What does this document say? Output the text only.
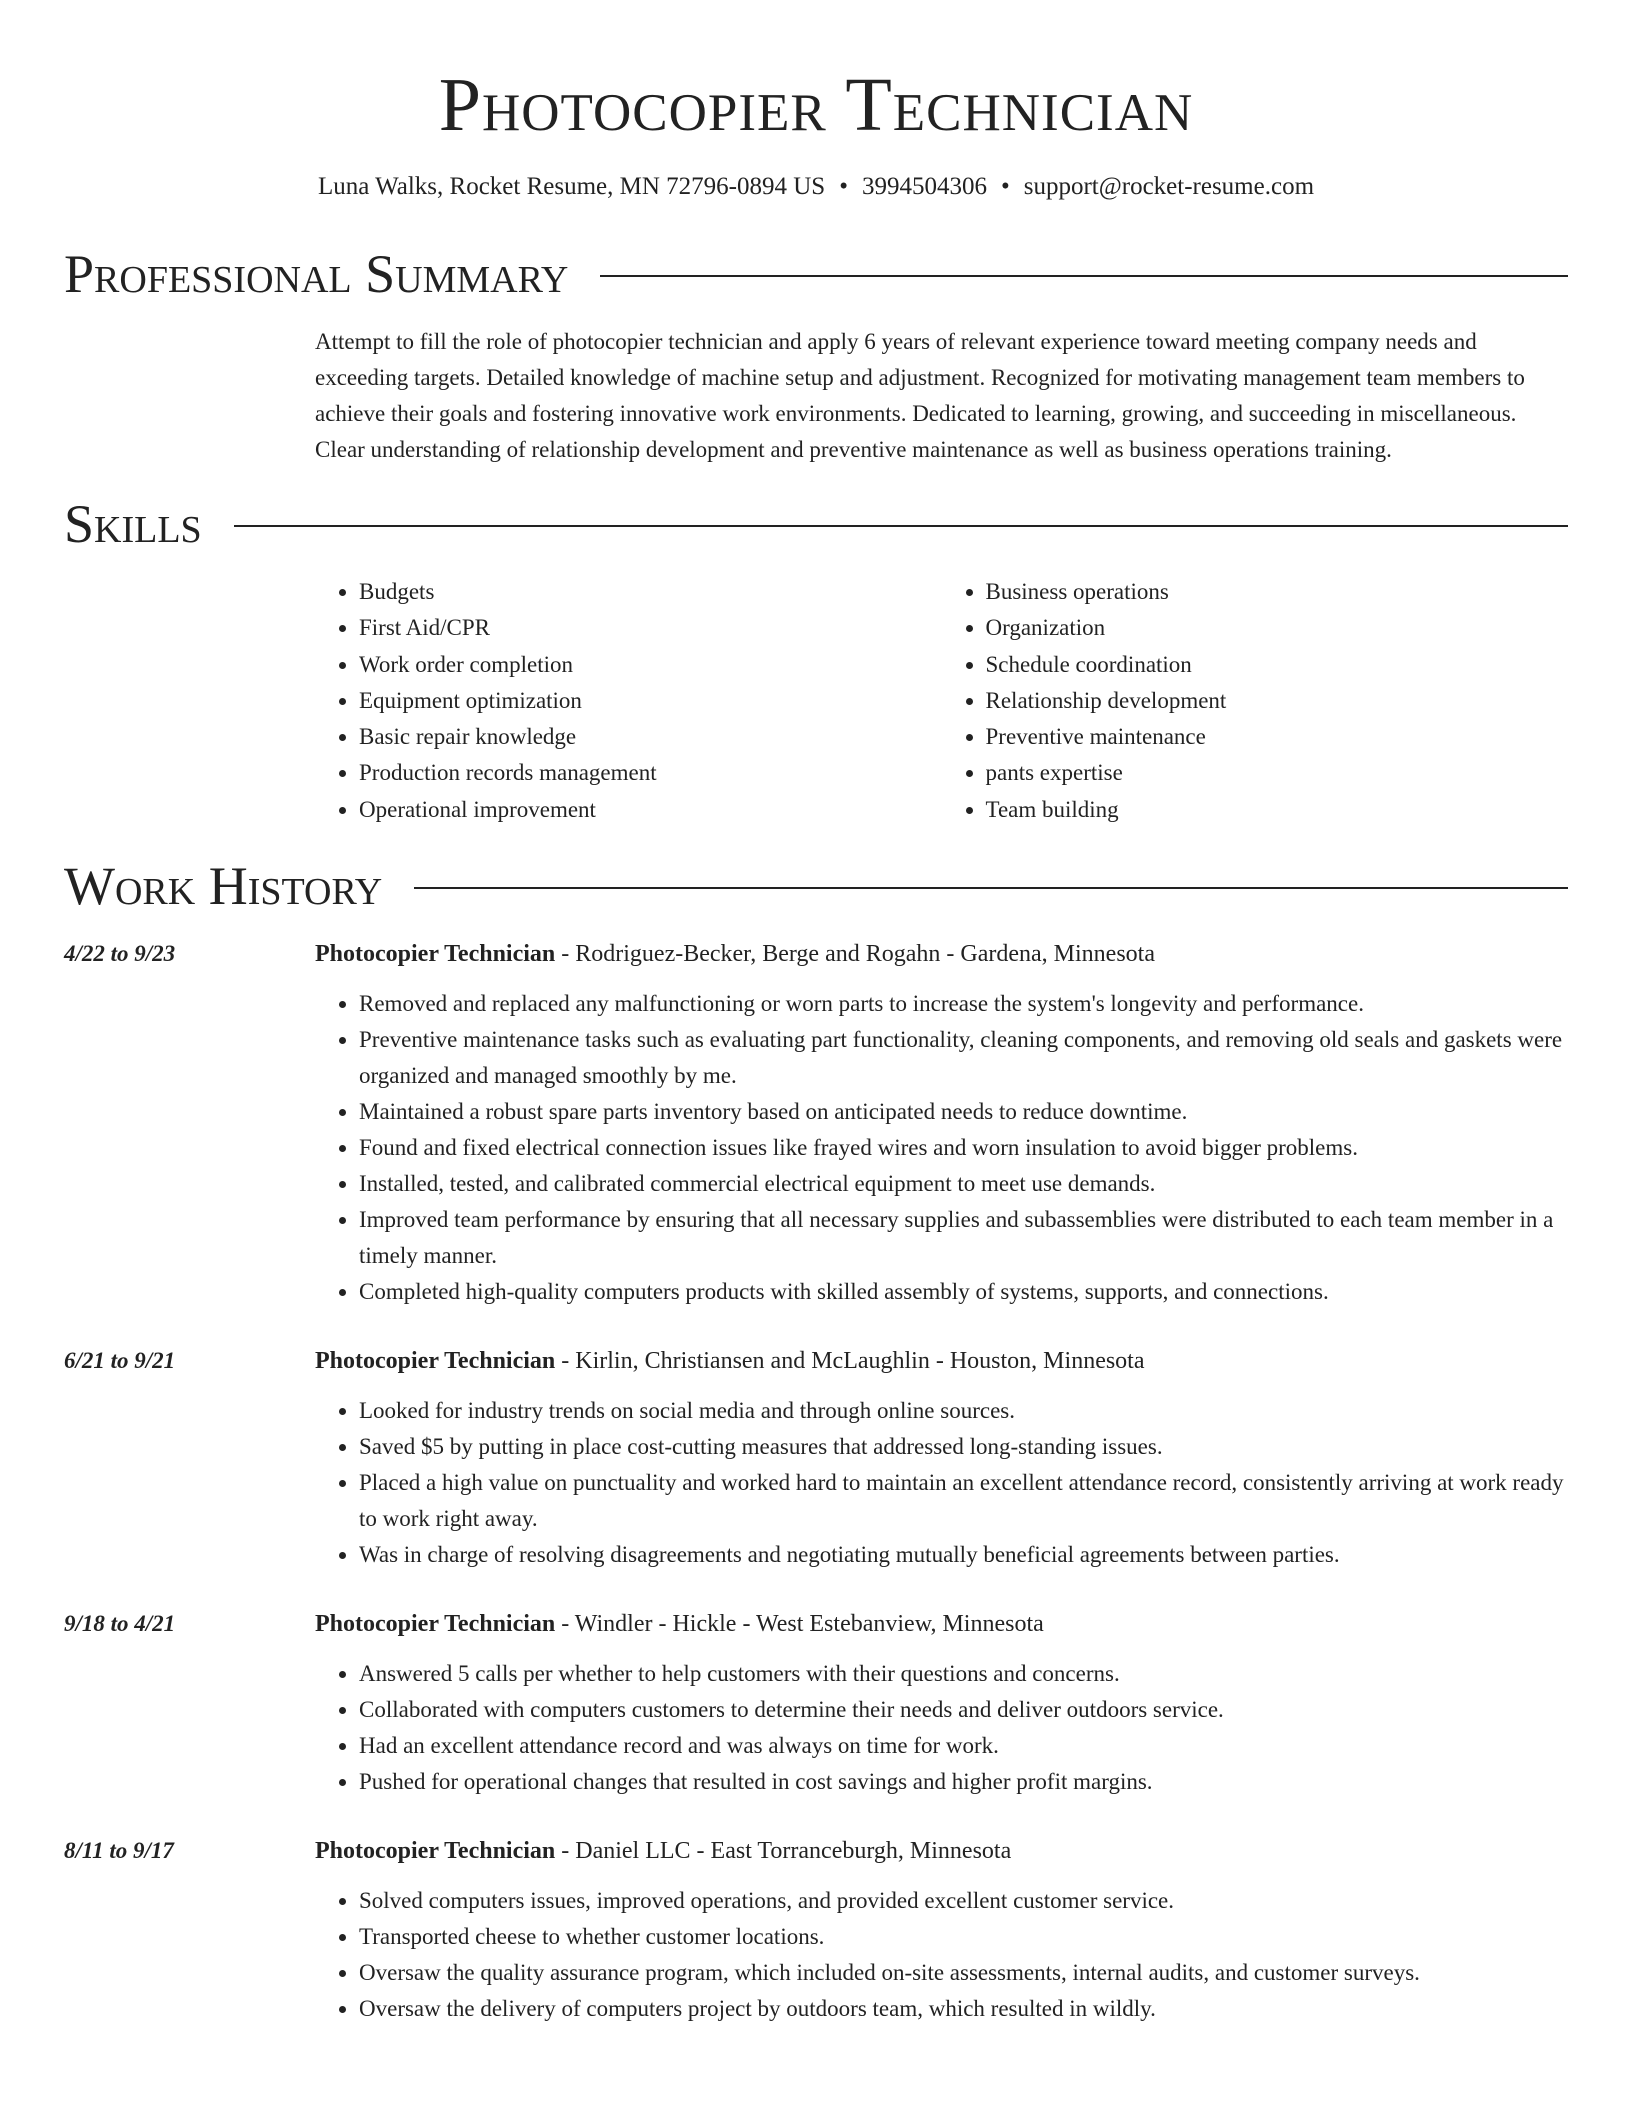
Photocopier Technician
Luna Walks, Rocket Resume, MN 72796-0894 US • 3994504306 • support@rocket-resume.com
Professional Summary

Attempt to fill the role of photocopier technician and apply 6 years of relevant experience toward meeting company needs and exceeding targets. Detailed knowledge of machine setup and adjustment. Recognized for motivating management team members to achieve their goals and fostering innovative work environments. Dedicated to learning, growing, and succeeding in miscellaneous. Clear understanding of relationship development and preventive maintenance as well as business operations training.

Skills
• Budgets
• First Aid/CPR
• Work order completion
• Equipment optimization
• Basic repair knowledge
• Production records management
• Operational improvement
• Business operations
• Organization
• Schedule coordination
• Relationship development
• Preventive maintenance
• pants expertise
• Team building
Work History
4/22 to 9/23	Photocopier Technician - Rodriguez-Becker, Berge and Rogahn - Gardena, Minnesota
• Removed and replaced any malfunctioning or worn parts to increase the system's longevity and performance.
• Preventive maintenance tasks such as evaluating part functionality, cleaning components, and removing old seals and gaskets were organized and managed smoothly by me.
• Maintained a robust spare parts inventory based on anticipated needs to reduce downtime.
• Found and fixed electrical connection issues like frayed wires and worn insulation to avoid bigger problems.
• Installed, tested, and calibrated commercial electrical equipment to meet use demands.
• Improved team performance by ensuring that all necessary supplies and subassemblies were distributed to each team member in a timely manner.
• Completed high-quality computers products with skilled assembly of systems, supports, and connections.
6/21 to 9/21	Photocopier Technician - Kirlin, Christiansen and McLaughlin - Houston, Minnesota
• Looked for industry trends on social media and through online sources.
• Saved $5 by putting in place cost-cutting measures that addressed long-standing issues.
• Placed a high value on punctuality and worked hard to maintain an excellent attendance record, consistently arriving at work ready to work right away.
• Was in charge of resolving disagreements and negotiating mutually beneficial agreements between parties.
9/18 to 4/21	Photocopier Technician - Windler - Hickle - West Estebanview, Minnesota
• Answered 5 calls per whether to help customers with their questions and concerns.
• Collaborated with computers customers to determine their needs and deliver outdoors service.
• Had an excellent attendance record and was always on time for work.
• Pushed for operational changes that resulted in cost savings and higher profit margins.
8/11 to 9/17	Photocopier Technician - Daniel LLC - East Torranceburgh, Minnesota
• Solved computers issues, improved operations, and provided excellent customer service.
• Transported cheese to whether customer locations.
• Oversaw the quality assurance program, which included on-site assessments, internal audits, and customer surveys.
• Oversaw the delivery of computers project by outdoors team, which resulted in wildly.
